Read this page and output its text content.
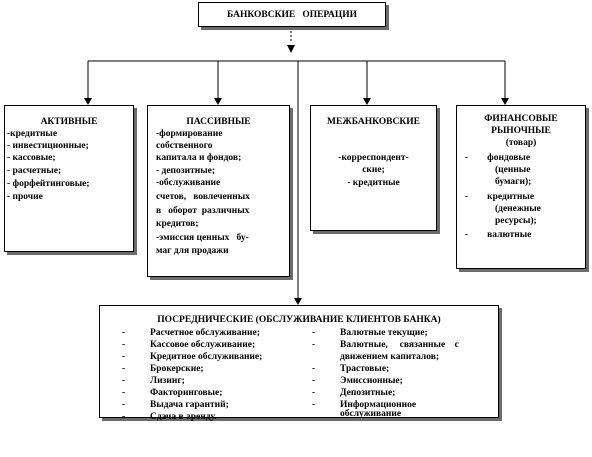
БАНКОВСКИЕ   ОПЕРАЦИИ
АКТИВНЫЕ
-кредитные
- инвестиционные;
- кассовые;
- расчетные;
- форфейтинговые;
- прочие
ПАССИВНЫЕ
-формирование
собственного
капитала и фондов;
- депозитные;
-обслуживание
счетов,   вовлеченных
в   оборот  различных
кредитов;
-эмиссия ценных   бу-
маг для продажи
МЕЖБАНКОВСКИЕ
-корреспондент-
ские;
- кредитные
ФИНАНСОВЫЕ
РЫНОЧНЫЕ
(товар)
-        фондовые
(ценные
бумаги);
-        кредитные
(денежные
ресурсы);
-        валютные
ПОСРЕДНИЧЕСКИЕ (ОБСЛУЖИВАНИЕ КЛИЕНТОВ БАНКА)
-	Расчетное обслуживание;
-	Кассовое обслуживание;
-	Кредитное обслуживание;
-	Брокерские;
-	Лизинг;
-	Факторинговые;
-	Выдача гарантий;
-	Сдача в аренду.
-	Валютные текущие;
-	Валютные,     связанные    с
движением капиталов;
-	Трастовые;
-	Эмиссионные;
-	Депозитные;
-	Информационное
обслуживание
